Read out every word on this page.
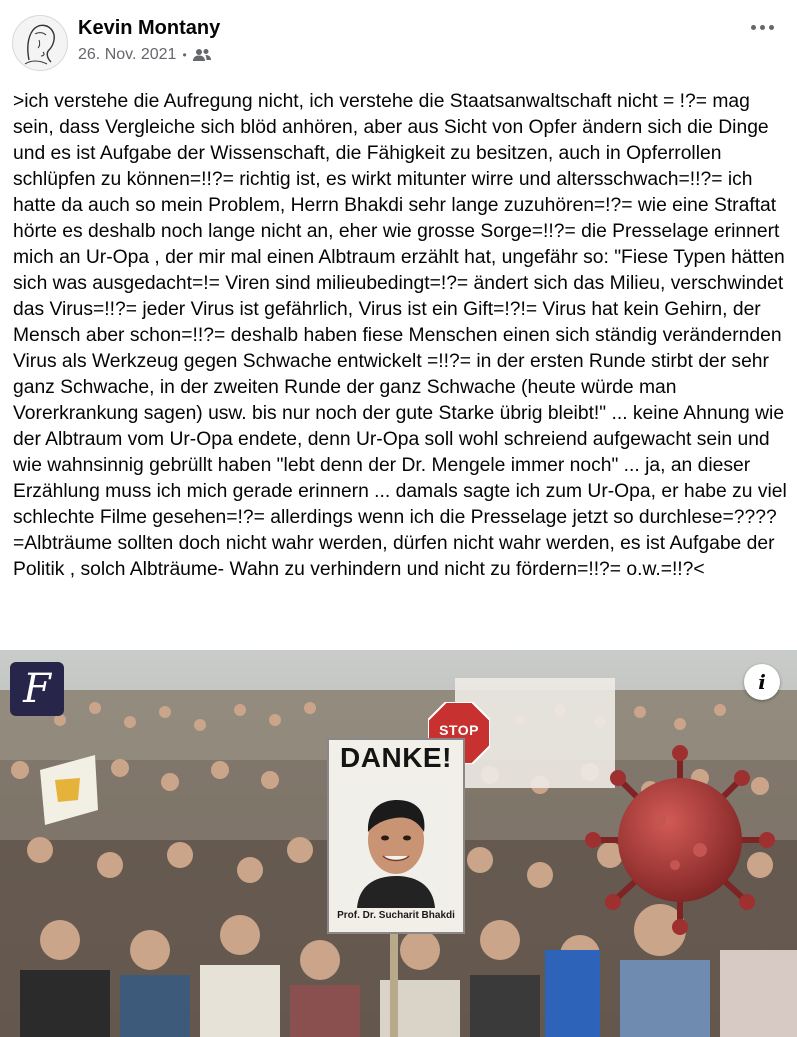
Kevin Montany
26. Nov. 2021 •
>ich verstehe die Aufregung nicht, ich verstehe die Staatsanwaltschaft nicht = !?= mag sein, dass Vergleiche sich blöd anhören, aber aus Sicht von Opfer ändern sich die Dinge und es ist Aufgabe der Wissenschaft, die Fähigkeit zu besitzen, auch in Opferrollen schlüpfen zu können=!!?= richtig ist, es wirkt mitunter wirre und altersschwach=!!?= ich hatte da auch so mein Problem, Herrn Bhakdi sehr lange zuzuhören=!?= wie eine Straftat hörte es deshalb noch lange nicht an, eher wie grosse Sorge=!!?= die Presselage erinnert mich an Ur-Opa , der mir mal einen Albtraum erzählt hat, ungefähr so: "Fiese Typen hätten sich was ausgedacht=!= Viren sind milieubedingt=!?= ändert sich das Milieu, verschwindet das Virus=!!?= jeder Virus ist gefährlich, Virus ist ein Gift=!?!= Virus hat kein Gehirn, der Mensch aber schon=!!?= deshalb haben fiese Menschen einen sich ständig verändernden Virus als Werkzeug gegen Schwache entwickelt =!!?= in der ersten Runde stirbt der sehr ganz Schwache, in der zweiten Runde der ganz Schwache (heute würde man Vorerkrankung sagen) usw. bis nur noch der gute Starke übrig bleibt!" ... keine Ahnung wie der Albtraum vom Ur-Opa endete, denn Ur-Opa soll wohl schreiend aufgewacht sein und wie wahnsinnig gebrüllt haben "lebt denn der Dr. Mengele immer noch" ... ja, an dieser Erzählung muss ich mich gerade erinnern ... damals sagte ich zum Ur-Opa, er habe zu viel schlechte Filme gesehen=!?= allerdings wenn ich die Presselage jetzt so durchlese=???? =Albträume sollten doch nicht wahr werden, dürfen nicht wahr werden, es ist Aufgabe der Politik , solch Albträume- Wahn zu verhindern und nicht zu fördern=!!?= o.w.=!!?<
STOP
DANKE!
Prof. Dr. Sucharit Bhakdi
F	i
